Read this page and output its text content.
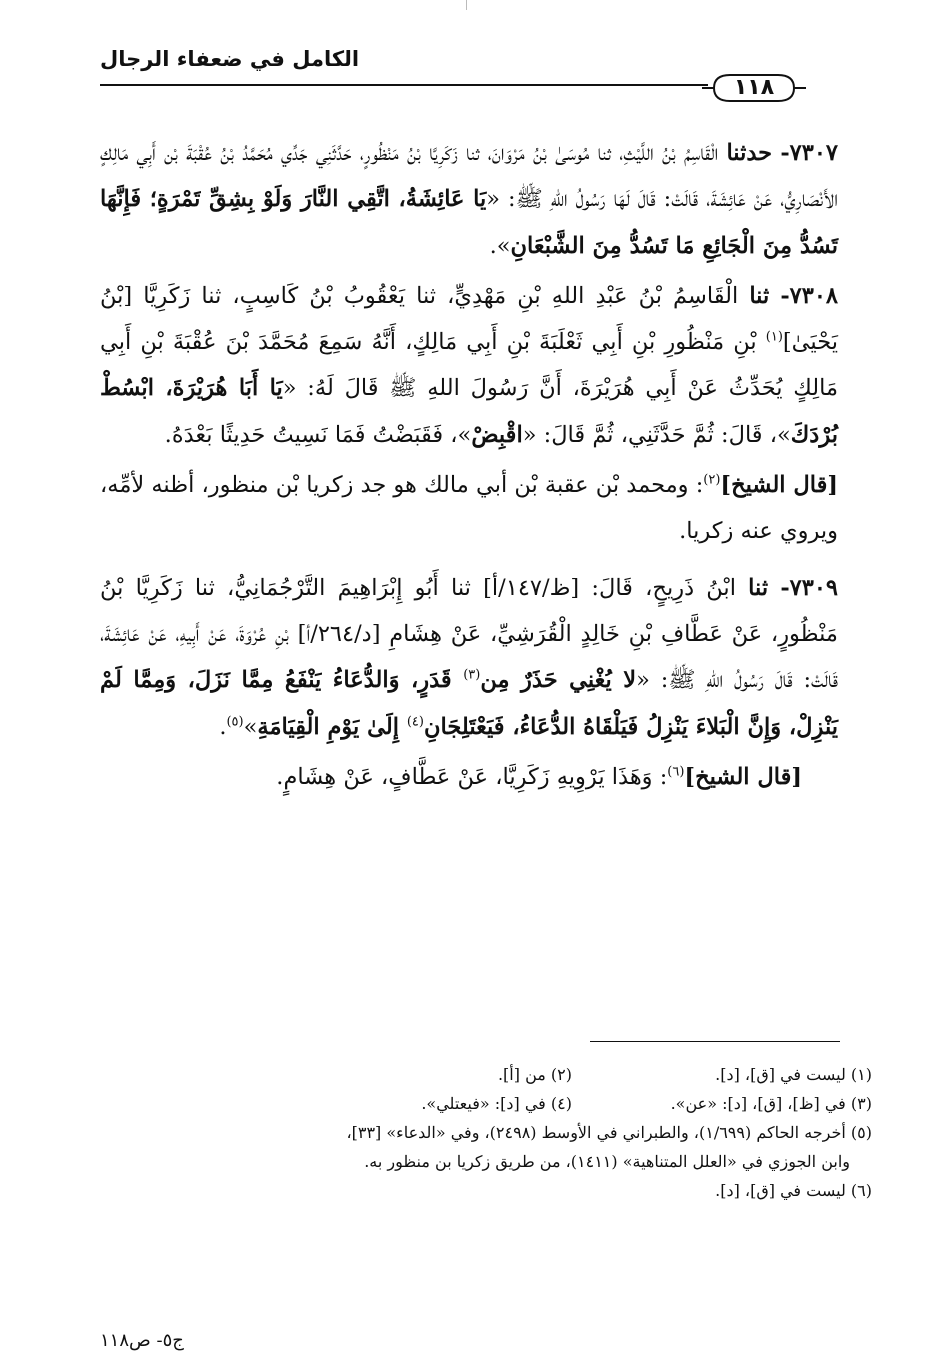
الكامل في ضعفاء الرجال
١١٨

٧٣٠٧- حدثنا الْقَاسِمُ بْنُ اللَّيْثِ، ثنا مُوسَىٰ بْنُ مَرْوَانَ، ثنا زَكَرِيَّا بْنُ مَنْظُورٍ، حَدَّثَنِي جَدِّي مُحَمَّدُ بْنُ عُقْبَةَ بْن أَبِي مَالِكٍ الأَنْصَارِيُّ، عَنْ عَائِشَةَ، قَالَتْ: قَالَ لَهَا رَسُولُ اللهِ ﷺ: «يَا عَائِشَةُ، اتَّقِي النَّارَ وَلَوْ بِشِقِّ تَمْرَةٍ؛ فَإِنَّهَا تَسُدُّ مِنَ الْجَائِعِ مَا تَسُدُّ مِنَ الشَّبْعَانِ».

٧٣٠٨- ثنا الْقَاسِمُ بْنُ عَبْدِ اللهِ بْنِ مَهْدِيٍّ، ثنا يَعْقُوبُ بْنُ كَاسِبٍ، ثنا زَكَرِيَّا [بْنُ يَحْيَىٰ]$^{(١)}$ بْنِ مَنْظُورِ بْنِ أَبِي ثَعْلَبَةَ بْنِ أَبِي مَالِكٍ، أَنَّهُ سَمِعَ مُحَمَّدَ بْنَ عُقْبَةَ بْنِ أَبِي مَالِكٍ يُحَدِّثُ عَنْ أَبِي هُرَيْرَةَ، أَنَّ رَسُولَ اللهِ ﷺ قَالَ لَهُ: «يَا أَبَا هُرَيْرَةَ، ابْسُطْ بُرْدَكَ»، قَالَ: ثُمَّ حَدَّثَنِي، ثُمَّ قَالَ: «اقْبِضْ»، فَقَبَضْتُ فَمَا نَسِيتُ حَدِيثًا بَعْدَهُ.

[قال الشيخ]$^{(٢)}$: ومحمد بْن عقبة بْن أبي مالك هو جد زكريا بْن منظور، أظنه لأمِّه، ويروي عنه زكريا.

٧٣٠٩- ثنا ابْنُ ذَرِيحٍ، قَالَ: [ظ/١٤٧/أ] ثنا أَبُو إِبْرَاهِيمَ التَّرْجُمَانِيُّ، ثنا زَكَرِيَّا بْنُ مَنْظُورٍ، عَنْ عَطَّافِ بْنِ خَالِدٍ الْقُرَشِيِّ، عَنْ هِشَامِ [د/٢٦٤/أ] بْنِ عُرْوَةَ، عَنْ أَبِيهِ، عَنْ عَائِشَةَ، قَالَتْ: قَالَ رَسُولُ اللهِ ﷺ: «لا يُغْنِي حَذَرٌ مِن$^{(٣)}$ قَدَرٍ، وَالدُّعَاءُ يَنْفَعُ مِمَّا نَزَلَ، وَمِمَّا لَمْ يَنْزِلْ، وَإِنَّ الْبَلاءَ يَنْزِلُ فَيَلْقَاهُ الدُّعَاءُ، فَيَعْتَلِجَانِ$^{(٤)}$ إِلَىٰ يَوْمِ الْقِيَامَةِ»$^{(٥)}$.

[قال الشيخ]$^{(٦)}$: وَهَذَا يَرْوِيهِ زَكَرِيَّا، عَنْ عَطَّافٍ، عَنْ هِشَامٍ.

(١) ليست في [ق]، [د].
(٢) من [أ].
(٣) في [ظ]، [ق]، [د]: «عن».
(٤) في [د]: «فيعتلي».
(٥) أخرجه الحاكم (١/٦٩٩)، والطبراني في الأوسط (٢٤٩٨)، وفي «الدعاء» [٣٣]،
وابن الجوزي في «العلل المتناهية» (١٤١١)، من طريق زكريا بن منظور به.
(٦) ليست في [ق]، [د].
ج٥- ص١١٨
